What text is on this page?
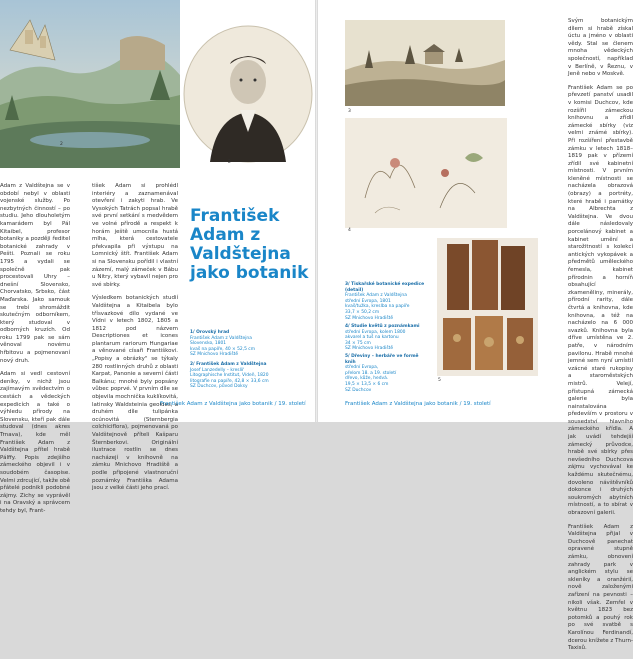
2
2

Adam z Valdštejna se v období nebyl v oblasti vojenské služby. Po nezbytných činností – po studiu. Jeho dlouholetým kamarádem byl Pál Kitaibel, profesor botaniky a později ředitel botanické zahrady v Pešti. Poznali se roku 1795 a vydali se společně pak procestovali Uhry – dnešní Slovensko, Chorvatsko, Srbsko, část Maďarska. Jako samouk se trebí shromáždit skutečným odborníkem, který studoval v odborných kruzích. Od roku 1799 pak se sám věnoval novému hřbitovu a pojmenovaní nový druh.

Adam si vedl cestovní deníky, v nichž jsou zajímavým svědectvím o cestách a vědeckých expedicích a také o výhledu přírody na Slovensku, kteří pak dále studoval (dnes akres Trnava), kde měl František Adam z Valdštejna přítel hrabě Pálffy. Popis zdejšího zámeckého objevil i v soudobém časopise. Velmi zdrcující, takže obě přátelé podnikli podobné zájmy. Zichy se vyprávěl i na Oravský a správcem tehdy byl, Frant-

tišek Adam si prohlédl interiéry a zaznamenával otevření i zakyti hrab. Ve Vysokých Tatrách popsal hrabě své první setkání s medvědem ve volné přírodě a respekt k horám ještě umocnila hustá mlha, která cestovatele překvapila při výstupu na Lomnický štít. František Adam si na Slovensku pořídil i vlastní zázemí, malý zámeček v Bábu u Nitry, který vybavil nejen pro své sbírky.

Výsledkem botanických studií Valdštejna a Kitaibela bylo třísvazkové dílo vydané ve Vídni v letech 1802, 1805 a 1812 pod názvem Descriptiones et icones plantarum rariorum Hungariae a věnované císaři Františkovi. „Popisy a obrázky" se týkaly 280 rostlinných druhů z oblasti Karpat, Panonie a severní části Balkánu; mnohé byly popsány vůbec poprvé. V prvním díle se objevila mochnička kuklíkovitá, latinsky Waldsteinia geoides, a druhém díle tulipánka ocúnovitá (Sternbergia colchiciflora), pojmenovaná po Valdštejnově příteli Kašparu Šternberkovi. Originální ilustrace rostlin se dnes nacházejí v knihovně na zámku Mnichovo Hradiště a podle připojené vlastnoruční poznámky Františka Adama jsou z velké části jeho prací.

František Adam z Valdštejna jako botanik
1/ Orovský hrad
František Adam z Valdštejna
Slovensko, 1801
kvaš na papíře, 40 × 52,5 cm
SZ Mnichovo Hradiště
2/ František Adam z Valdštejna
Josef Lanzedelly – kreslíř
Litographische Institut, Vídeň, 1820
litografie na papíře, 42,8 × 33,6 cm
SZ Duchcov, původ Doksy
František Adam z Valdštejna jako botanik / 19. století
3
4
5

Svým botanickým dílem si hrabě získal úctu a jméno v oblasti vědy. Stal se členem mnoha vědeckých společností, například v Berlíně, v Řeznu, v Jeně nebo v Moskvě.

František Adam se po převzetí panství usadil v komisi Duchcov, kde rozšířil zámeckou knihovnu a zřídil zámecké sbírky (viz velmi známé sbírky). Při rozšíření přestavbě zámku v letech 1818–1819 pak v přízemí zřídil své kabinetní místnosti. V prvním kleněné místnosti se nacházela obrazová (obrazy) a portréty, které hrabě i památky na Albrechta z Valdštejna. Ve dvou dále následovaly porcelánový kabinet a kabinet umění a starožitností s kolekcí antických vykopávek a předmětů uměleckého řemesla, kabinet přírodnin a horníň obsahující zkameněliny, minerály, přírodní rarity, dále čtvrtá a knihovna, kde knihovna, a též na nacházelo na 6 000 svazků. Knihovna byla dříve umístěna ve 2. patře, v národním pavilonu. Hrabě mnohé jemné sem nyní umístil vzácné staré rukopisy a staroměstských mistrů. Velejí, přístupná zámecká galerie byla nainstalována především v prostoru v sousedství hlavního zámeckého křídla. A jak uvádí tehdejší zámecký průvodce, hrabě své sbírky přes nevšedního Duchcova zájmu vychovával ke každému skutečnému, dovoleno návštěvníků dokonce i druhých soukromých abytních místností, a to sbírat v obrazovní galerii.

František Adam z Valdštejna přijal v Duchcově panechat opravené stupně zámku, obnovení zahrady park v anglickém stylu se skleníky a oranžérií, nově založenými zařízení na pevnosti – nikoli však. Zemřel v květnu 1823 bez potomků a pouhý rok po své svatbě s Karolínou Ferdinandí, dcerou knížete z Thurn-Taxisů.

3/ Tiskařské botanické expedice (detail)
František Adam z Valdštejna
střední Evropa, 1801
kvaš/tužka, kreslba na papíře
33,7 × 50,2 cm
SZ Mnichovo Hradiště
4/ Studie květů z poznámkami
střední Evropa, kolem 1800
akvarel a tuš na kartonu
34 × 75 cm
SZ Mnichovo Hradiště
5/ Dřeviny – herbáře ve formě knih
střední Evropa,
přelom 18. a 19. století
dřevo, kůže, hedvá.
19,5 × 13,5 × 6 cm
SZ Duchcov
František Adam z Valdštejna jako botanik / 19. století
